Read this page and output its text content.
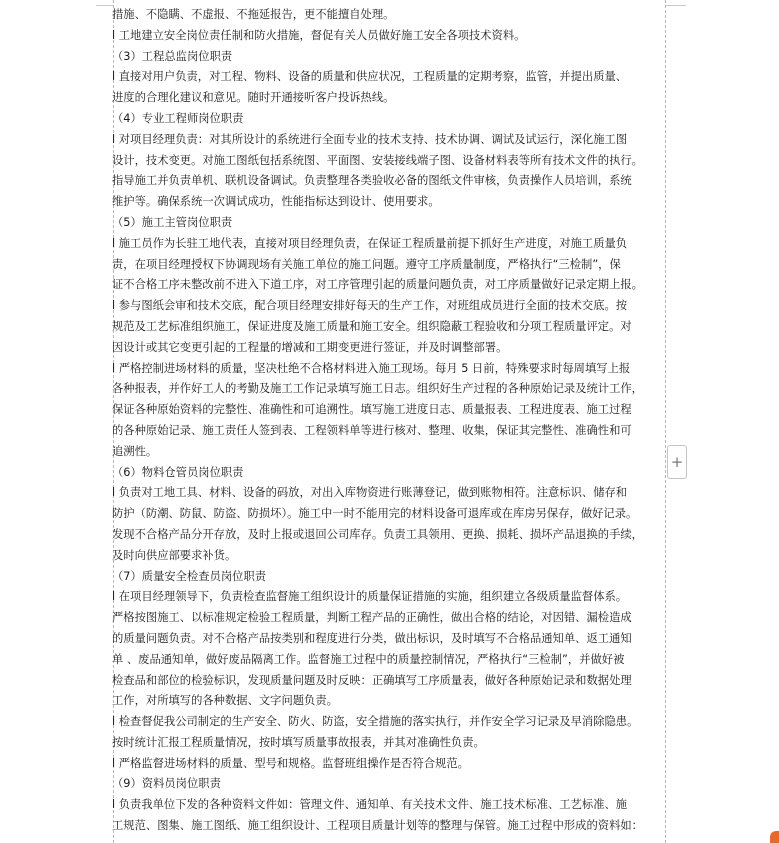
措施、不隐瞒、不虚报、不拖延报告，更不能擅自处理。
l 工地建立安全岗位责任制和防火措施，督促有关人员做好施工安全各项技术资料。
（3）工程总监岗位职责
l 直接对用户负责，对工程、物料、设备的质量和供应状况，工程质量的定期考察，监管，并提出质量、
进度的合理化建议和意见。随时开通接听客户投诉热线。
（4）专业工程师岗位职责
l 对项目经理负责：对其所设计的系统进行全面专业的技术支持、技术协调、调试及试运行，深化施工图
设计，技术变更。对施工图纸包括系统图、平面图、安装接线端子图、设备材料表等所有技术文件的执行。
指导施工并负责单机、联机设备调试。负责整理各类验收必备的图纸文件审核，负责操作人员培训，系统
维护等。确保系统一次调试成功，性能指标达到设计、使用要求。
（5）施工主管岗位职责
l 施工员作为长驻工地代表，直接对项目经理负责，在保证工程质量前提下抓好生产进度，对施工质量负
责，在项目经理授权下协调现场有关施工单位的施工问题。遵守工序质量制度，严格执行“三检制”，保
证不合格工序未整改前不进入下道工序，对工序管理引起的质量问题负责，对工序质量做好记录定期上报。
l 参与图纸会审和技术交底，配合项目经理安排好每天的生产工作，对班组成员进行全面的技术交底。按
规范及工艺标准组织施工，保证进度及施工质量和施工安全。组织隐蔽工程验收和分项工程质量评定。对
因设计或其它变更引起的工程量的增减和工期变更进行签证，并及时调整部署。
l 严格控制进场材料的质量，坚决杜绝不合格材料进入施工现场。每月 5 日前，特殊要求时每周填写上报
各种报表，并作好工人的考勤及施工工作记录填写施工日志。组织好生产过程的各种原始记录及统计工作，
保证各种原始资料的完整性、准确性和可追溯性。填写施工进度日志、质量报表、工程进度表、施工过程
的各种原始记录、施工责任人签到表、工程领料单等进行核对、整理、收集，保证其完整性、准确性和可
追溯性。
（6）物料仓管员岗位职责
l 负责对工地工具、材料、设备的码放，对出入库物资进行账薄登记，做到账物相符。注意标识、储存和
防护（防潮、防鼠、防盗、防损坏）。施工中一时不能用完的材料设备可退库或在库房另保存，做好记录。
发现不合格产品分开存放，及时上报或退回公司库存。负责工具领用、更换、损耗、损坏产品退换的手续，
及时向供应部要求补货。
（7）质量安全检查员岗位职责
l 在项目经理领导下，负责检查监督施工组织设计的质量保证措施的实施，组织建立各级质量监督体系。
严格按图施工、以标准规定检验工程质量，判断工程产品的正确性，做出合格的结论，对因错、漏检造成
的质量问题负责。对不合格产品按类别和程度进行分类，做出标识，及时填写不合格品通知单、返工通知
单 、废品通知单，做好废品隔离工作。监督施工过程中的质量控制情况，严格执行“三检制”，并做好被
检查品和部位的检验标识，发现质量问题及时反映：正确填写工序质量表，做好各种原始记录和数据处理
工作，对所填写的各种数据、文字问题负责。
l 检查督促我公司制定的生产安全、防火、防盗，安全措施的落实执行，并作安全学习记录及早消除隐患。
按时统计汇报工程质量情况，按时填写质量事故报表，并其对准确性负责。
l 严格监督进场材料的质量、型号和规格。监督班组操作是否符合规范。
（9）资料员岗位职责
l 负责我单位下发的各种资料文件如：管理文件、通知单、有关技术文件、施工技术标准、工艺标准、施
工规范、图集、施工图纸、施工组织设计、工程项目质量计划等的整理与保管。施工过程中形成的资料如：
+
